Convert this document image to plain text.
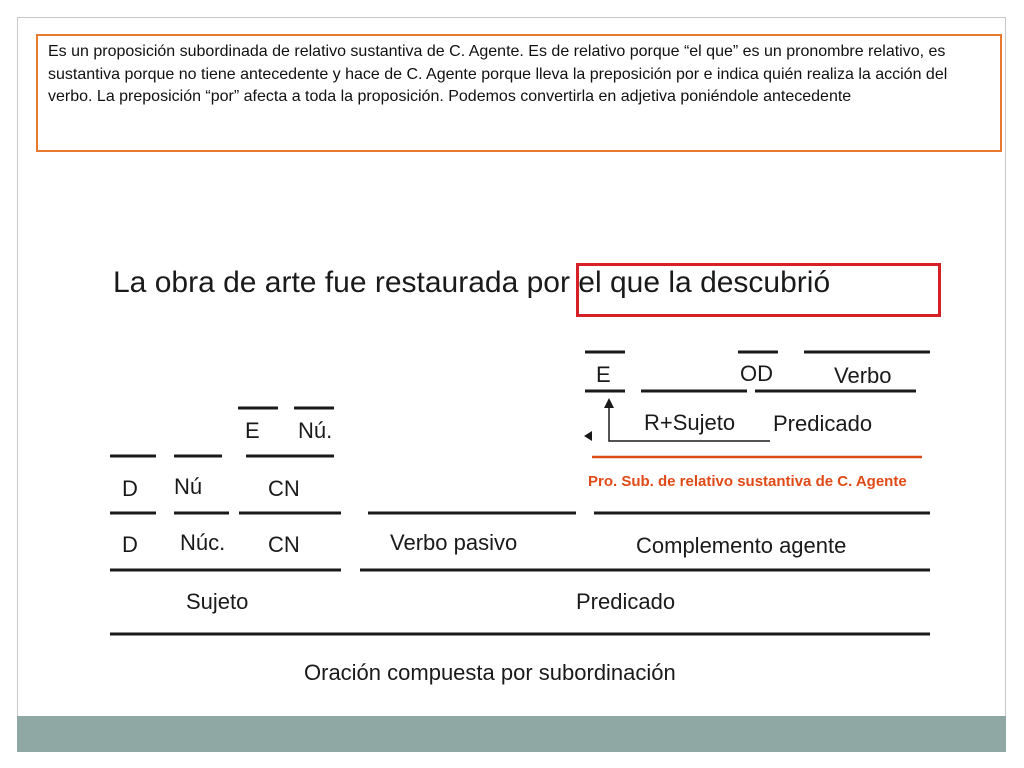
Es un proposición subordinada de relativo sustantiva de C. Agente. Es de relativo porque “el que” es un pronombre relativo, es sustantiva porque no tiene antecedente y hace de C. Agente porque lleva la preposición por e indica quién realiza la acción del verbo. La preposición “por” afecta a toda la proposición. Podemos convertirla en adjetiva poniéndole antecedente
La obra de arte fue restaurada por el que la descubrió
E Nú.
D Nú	CN
D Núc. CN	Verbo pasivo	Complemento agente
Sujeto	Predicado
Oración compuesta por subordinación
E	OD	Verbo
R+Sujeto Predicado
Pro. Sub. de relativo sustantiva de C. Agente
